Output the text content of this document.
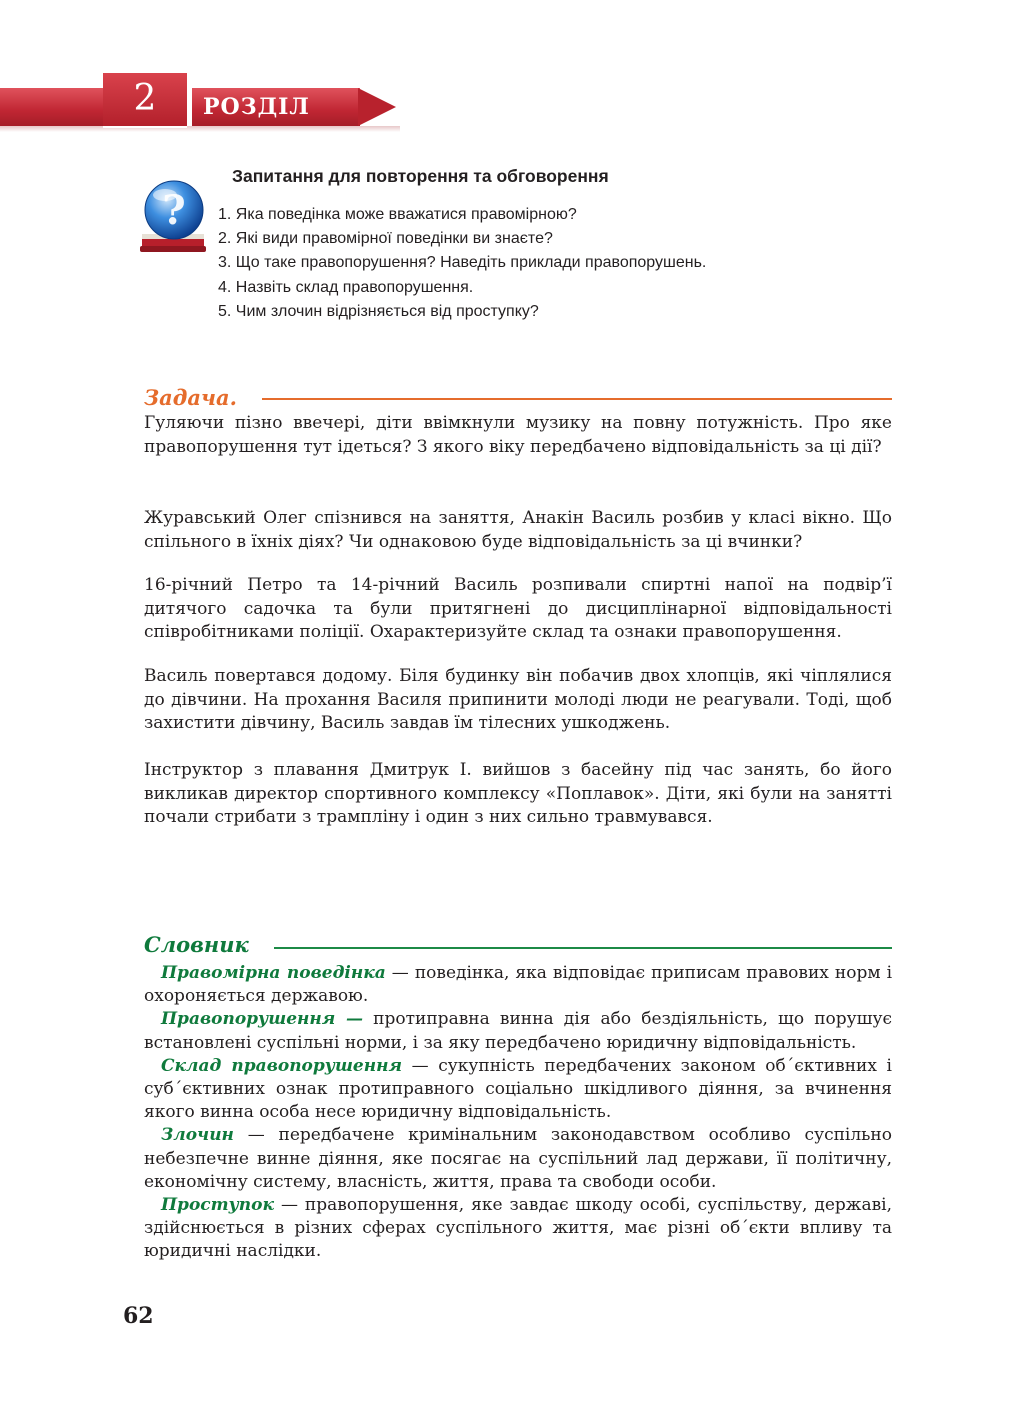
2	РОЗДІЛ
?
Запитання для повторення та обговорення
1. Яка поведінка може вважатися правомірною?
2. Які види правомірної поведінки ви знаєте?
3. Що таке правопорушення? Наведіть приклади правопорушень.
4. Назвіть склад правопорушення.
5. Чим злочин відрізняється від проступку?
Задача.

Гуляючи пізно ввечері, діти ввімкнули музику на повну потужність. Про яке правопорушення тут ідеться? З якого віку передбачено відповідальність за ці дії?

Журавський Олег спізнився на заняття, Анакін Василь розбив у класі вікно. Що спільного в їхніх діях? Чи однаковою буде відповідальність за ці вчинки?

16-річний Петро та 14-річний Василь розпивали спиртні напої на подвір’ї дитячого садочка та були притягнені до дисциплінарної відповідальності співробітниками поліції. Охарактеризуйте склад та ознаки правопорушення.

Василь повертався додому. Біля будинку він побачив двох хлопців, які чіплялися до дівчини. На прохання Василя припинити молоді люди не реагували. Тоді, щоб захистити дівчину, Василь завдав їм тілесних ушкоджень.

Інструктор з плавання Дмитрук І. вийшов з басейну під час занять, бо його викликав директор спортивного комплексу «Поплавок». Діти, які були на занятті почали стрибати з трампліну і один з них сильно травмувався.

Словник

 Правомірна поведінка — поведінка, яка відповідає приписам правових норм і охороняється державою.

 Правопорушення — протиправна винна дія або бездіяльність, що порушує встановлені суспільні норми, і за яку передбачено юридичну відповідальність.

 Склад правопорушення — сукупність передбачених законом об´єктивних і суб´єктивних ознак протиправного соціально шкідливого діяння, за вчинення якого винна особа несе юридичну відповідальність.

 Злочин — передбачене кримінальним законодавством особливо суспільно небезпечне винне діяння, яке посягає на суспільний лад держави, її політичну, економічну систему, власність, життя, права та свободи особи.

 Проступок — правопорушення, яке завдає шкоду особі, суспільству, державі, здійснюється в різних сферах суспільного життя, має різні об´єкти впливу та юридичні наслідки.

62
